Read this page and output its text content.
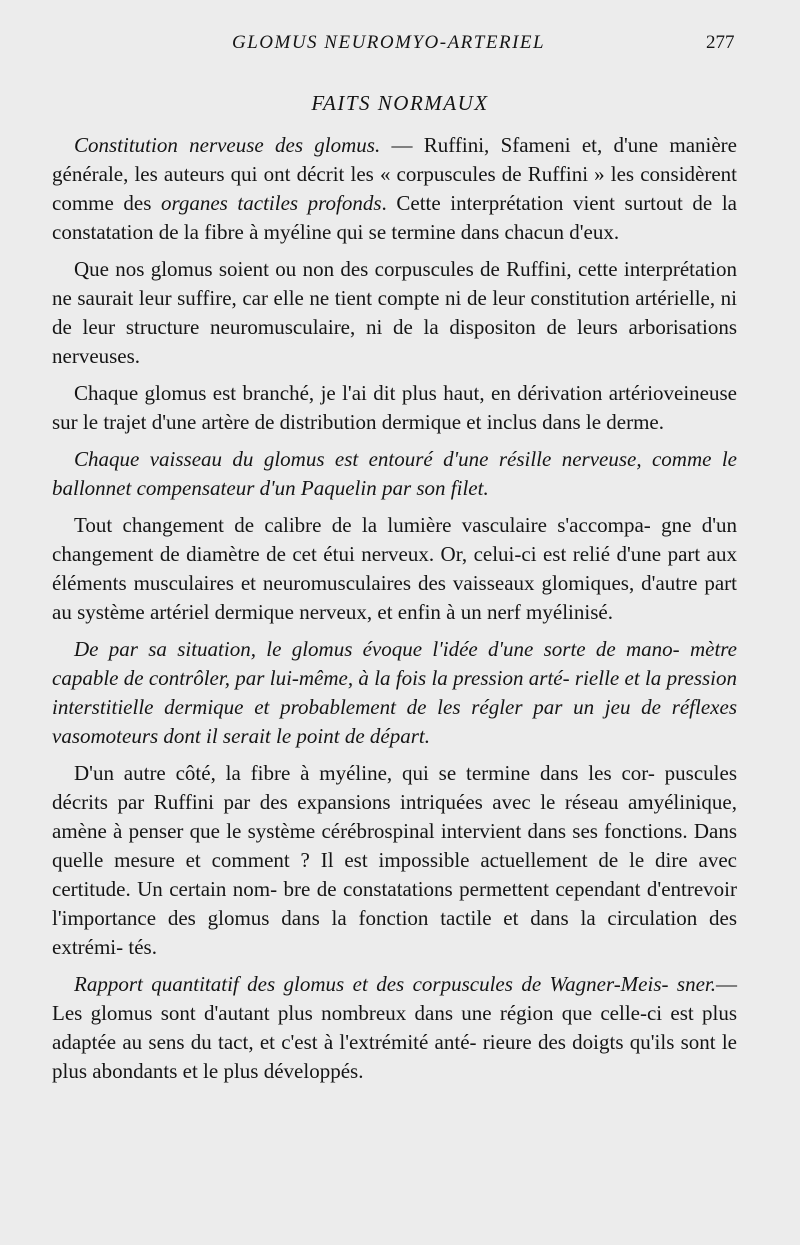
GLOMUS NEUROMYO-ARTERIEL	277
FAITS NORMAUX

Constitution nerveuse des glomus. — Ruffini, Sfameni et, d'une manière générale, les auteurs qui ont décrit les « corpuscules de Ruffini » les considèrent comme des organes tactiles profonds. Cette interprétation vient surtout de la constatation de la fibre à myéline qui se termine dans chacun d'eux.

Que nos glomus soient ou non des corpuscules de Ruffini, cette interprétation ne saurait leur suffire, car elle ne tient compte ni de leur constitution artérielle, ni de leur structure neuromusculaire, ni de la dispositon de leurs arborisations nerveuses.

Chaque glomus est branché, je l'ai dit plus haut, en dérivation artérioveineuse sur le trajet d'une artère de distribution dermique et inclus dans le derme.

Chaque vaisseau du glomus est entouré d'une résille nerveuse, comme le ballonnet compensateur d'un Paquelin par son filet.

Tout changement de calibre de la lumière vasculaire s'accompa- gne d'un changement de diamètre de cet étui nerveux. Or, celui-ci est relié d'une part aux éléments musculaires et neuromusculaires des vaisseaux glomiques, d'autre part au système artériel dermique nerveux, et enfin à un nerf myélinisé.

De par sa situation, le glomus évoque l'idée d'une sorte de mano- mètre capable de contrôler, par lui-même, à la fois la pression arté- rielle et la pression interstitielle dermique et probablement de les régler par un jeu de réflexes vasomoteurs dont il serait le point de départ.

D'un autre côté, la fibre à myéline, qui se termine dans les cor- puscules décrits par Ruffini par des expansions intriquées avec le réseau amyélinique, amène à penser que le système cérébrospinal intervient dans ses fonctions. Dans quelle mesure et comment ? Il est impossible actuellement de le dire avec certitude. Un certain nom- bre de constatations permettent cependant d'entrevoir l'importance des glomus dans la fonction tactile et dans la circulation des extrémi- tés.

Rapport quantitatif des glomus et des corpuscules de Wagner-Meis- sner.— Les glomus sont d'autant plus nombreux dans une région que celle-ci est plus adaptée au sens du tact, et c'est à l'extrémité anté- rieure des doigts qu'ils sont le plus abondants et le plus développés.
